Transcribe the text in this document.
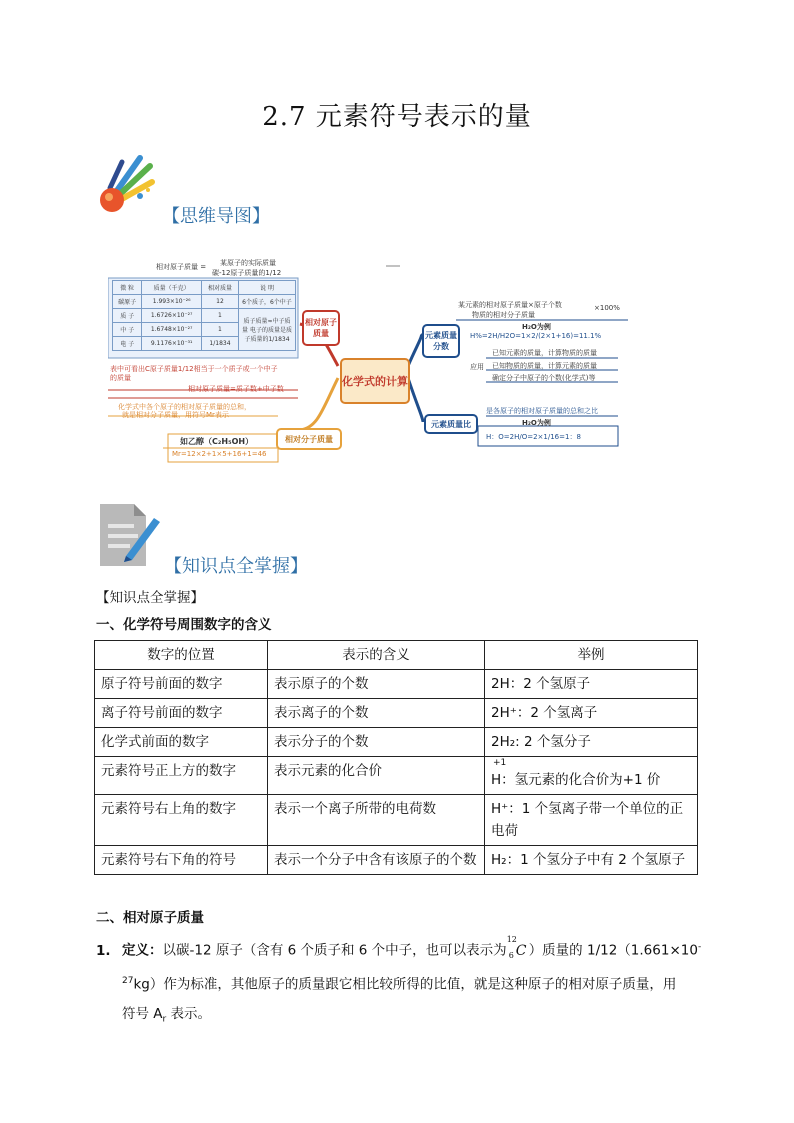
2.7 元素符号表示的量
【思维导图】
相对原子质量 = 某原子的实际质量
碳-12原子质量的1/12
微 粒	质量（千克）	相对质量	说 明
碳原子	1.993×10⁻²⁶	12	6个质子，6个中子
质 子	1.6726×10⁻²⁷	1	质子质量≈中子质量 电子的质量是质子质量的1/1834
中 子	1.6748×10⁻²⁷	1	
电 子	9.1176×10⁻³¹	1/1834	
表中可看出C原子质量1/12相当于一个质子或一个中子
的质量
相对原子质量=质子数+中子数
化学式中各个原子的相对原子质量的总和，
就是相对分子质量，用符号Mr表示
如乙醇（C₂H₅OH）
Mr=12×2+1×5+16+1=46
相对原子质量
相对分子质量
化学式的计算
元素质量分数
元素质量比
某元素的相对原子质量×原子个数
物质的相对分子质量
×100%
H₂O为例
H%=2H/H2O=1×2/(2×1+16)=11.1%
应用
已知元素的质量，计算物质的质量
已知物质的质量，计算元素的质量
确定分子中原子的个数(化学式)等
是各原子的相对原子质量的总和之比
H₂O为例
H：O=2H/O=2×1/16=1：8
【知识点全掌握】
【知识点全掌握】
一、化学符号周围数字的含义
数字的位置	表示的含义	举例
原子符号前面的数字	表示原子的个数	2H：2 个氢原子
离子符号前面的数字	表示离子的个数	2H⁺：2 个氢离子
化学式前面的数字	表示分子的个数	2H₂: 2 个氢分子
元素符号正上方的数字	表示元素的化合价	+1
H：氢元素的化合价为+1 价
元素符号右上角的数字	表示一个离子所带的电荷数	H⁺：1 个氢离子带一个单位的正电荷
元素符号右下角的符号	表示一个分子中含有该原子的个数	H₂：1 个氢分子中有 2 个氢原子
二、相对原子质量
1. 定义：以碳-12 原子（含有 6 个质子和 6 个中子，也可以表示为
12
6 C ）质量的 1/12（1.661×10-
$^{27}$kg）作为标准，其他原子的质量跟它相比较所得的比值，就是这种原子的相对原子质量，用
符号 $A_r$ 表示。
